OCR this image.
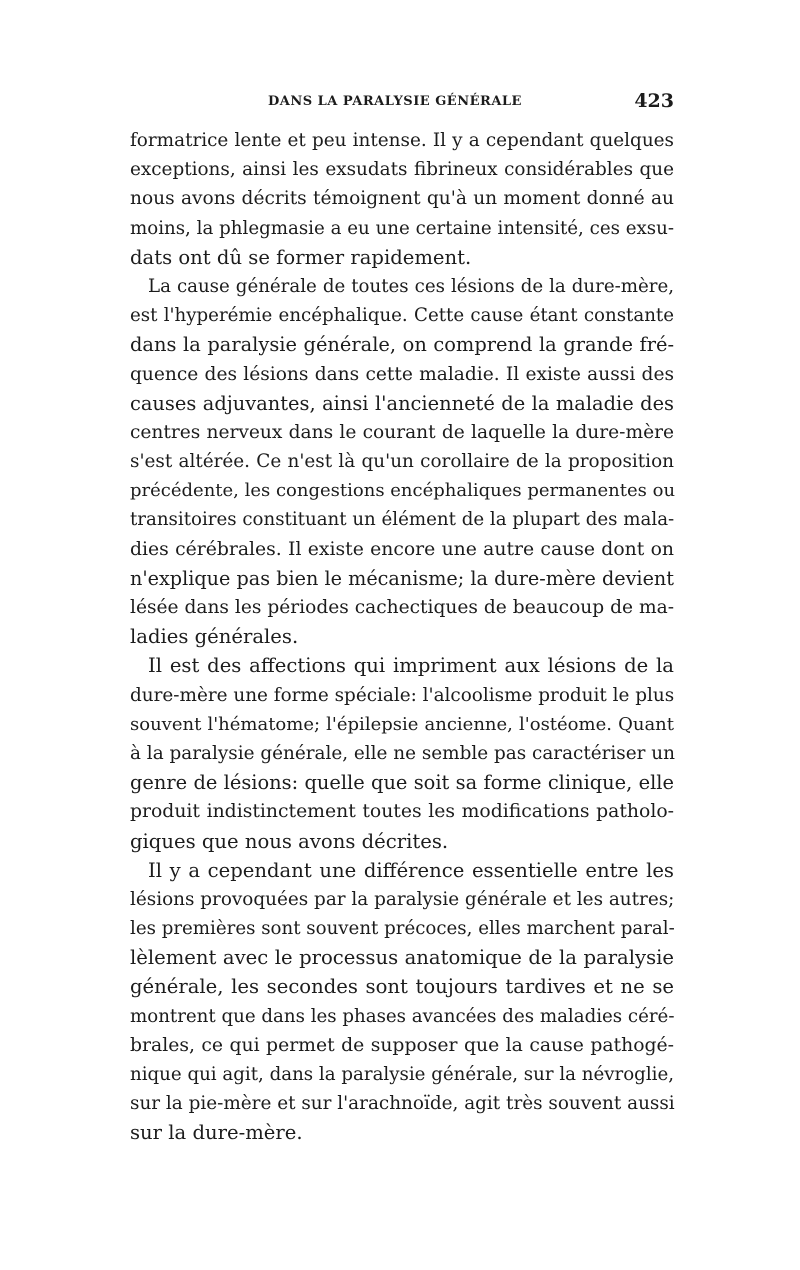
DANS LA PARALYSIE GÉNÉRALE	423
formatrice lente et peu intense. Il y a cependant quelques
exceptions, ainsi les exsudats fibrineux considérables que
nous avons décrits témoignent qu'à un moment donné au
moins, la phlegmasie a eu une certaine intensité, ces exsu-
dats ont dû se former rapidement.
La cause générale de toutes ces lésions de la dure-mère,
est l'hyperémie encéphalique. Cette cause étant constante
dans la paralysie générale, on comprend la grande fré-
quence des lésions dans cette maladie. Il existe aussi des
causes adjuvantes, ainsi l'ancienneté de la maladie des
centres nerveux dans le courant de laquelle la dure-mère
s'est altérée. Ce n'est là qu'un corollaire de la proposition
précédente, les congestions encéphaliques permanentes ou
transitoires constituant un élément de la plupart des mala-
dies cérébrales. Il existe encore une autre cause dont on
n'explique pas bien le mécanisme; la dure-mère devient
lésée dans les périodes cachectiques de beaucoup de ma-
ladies générales.
Il est des affections qui impriment aux lésions de la
dure-mère une forme spéciale: l'alcoolisme produit le plus
souvent l'hématome; l'épilepsie ancienne, l'ostéome. Quant
à la paralysie générale, elle ne semble pas caractériser un
genre de lésions: quelle que soit sa forme clinique, elle
produit indistinctement toutes les modifications patholo-
giques que nous avons décrites.
Il y a cependant une différence essentielle entre les
lésions provoquées par la paralysie générale et les autres;
les premières sont souvent précoces, elles marchent paral-
lèlement avec le processus anatomique de la paralysie
générale, les secondes sont toujours tardives et ne se
montrent que dans les phases avancées des maladies céré-
brales, ce qui permet de supposer que la cause pathogé-
nique qui agit, dans la paralysie générale, sur la névroglie,
sur la pie-mère et sur l'arachnoïde, agit très souvent aussi
sur la dure-mère.
